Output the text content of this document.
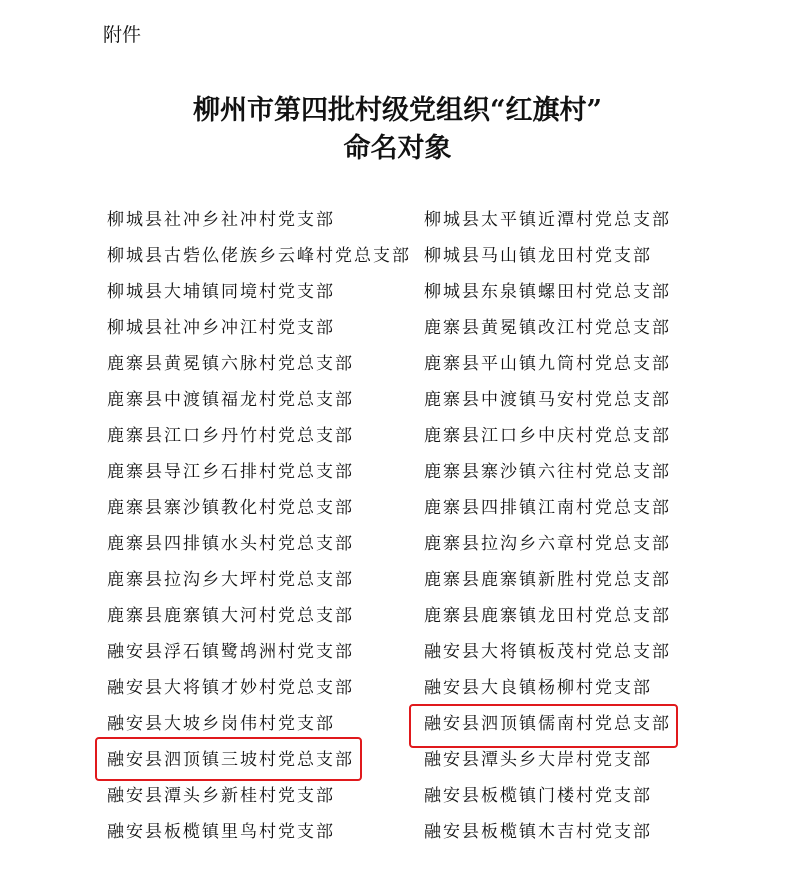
附件
柳州市第四批村级党组织“红旗村”
命名对象
柳城县社冲乡社冲村党支部
柳城县古砦仫佬族乡云峰村党总支部
柳城县大埔镇同境村党支部
柳城县社冲乡冲江村党支部
鹿寨县黄冕镇六脉村党总支部
鹿寨县中渡镇福龙村党总支部
鹿寨县江口乡丹竹村党总支部
鹿寨县导江乡石排村党总支部
鹿寨县寨沙镇教化村党总支部
鹿寨县四排镇水头村党总支部
鹿寨县拉沟乡大坪村党总支部
鹿寨县鹿寨镇大河村党总支部
融安县浮石镇鹭鸪洲村党支部
融安县大将镇才妙村党总支部
融安县大坡乡岗伟村党支部
融安县泗顶镇三坡村党总支部
融安县潭头乡新桂村党支部
融安县板榄镇里鸟村党支部
柳城县太平镇近潭村党总支部
柳城县马山镇龙田村党支部
柳城县东泉镇螺田村党总支部
鹿寨县黄冕镇改江村党总支部
鹿寨县平山镇九筒村党总支部
鹿寨县中渡镇马安村党总支部
鹿寨县江口乡中庆村党总支部
鹿寨县寨沙镇六往村党总支部
鹿寨县四排镇江南村党总支部
鹿寨县拉沟乡六章村党总支部
鹿寨县鹿寨镇新胜村党总支部
鹿寨县鹿寨镇龙田村党总支部
融安县大将镇板茂村党总支部
融安县大良镇杨柳村党支部
融安县泗顶镇儒南村党总支部
融安县潭头乡大岸村党支部
融安县板榄镇门楼村党支部
融安县板榄镇木吉村党支部
